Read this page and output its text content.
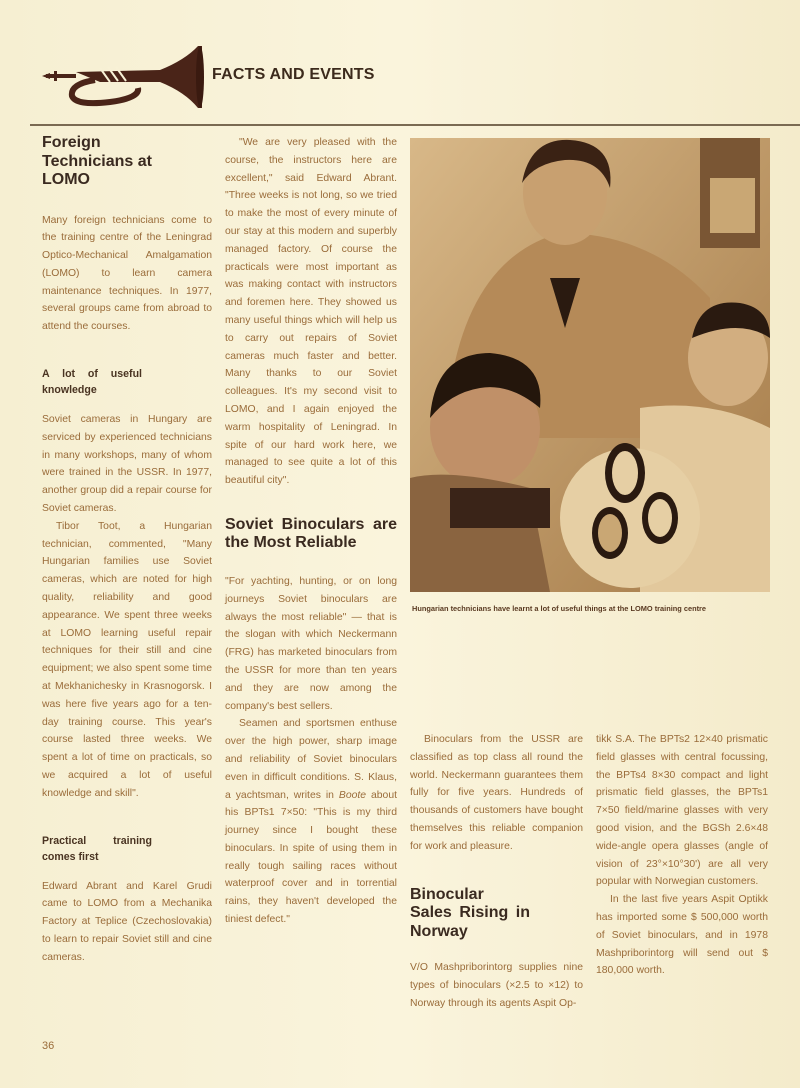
FACTS AND EVENTS
Foreign Technicians at LOMO

Many foreign technicians come to the training centre of the Leningrad Optico-Mechanical Amalgamation (LOMO) to learn camera maintenance techniques. In 1977, several groups came from abroad to attend the courses.

A lot of useful knowledge

Soviet cameras in Hungary are serviced by experienced technicians in many workshops, many of whom were trained in the USSR. In 1977, another group did a repair course for Soviet cameras.

Tibor Toot, a Hungarian technician, commented, "Many Hungarian families use Soviet cameras, which are noted for high quality, reliability and good appearance. We spent three weeks at LOMO learning useful repair techniques for their still and cine equipment; we also spent some time at Mekhanichesky in Krasnogorsk. I was here five years ago for a ten-day training course. This year's course lasted three weeks. We spent a lot of time on practicals, so we acquired a lot of useful knowledge and skill".

Practical training comes first

Edward Abrant and Karel Grudi came to LOMO from a Mechanika Factory at Teplice (Czechoslovakia) to learn to repair Soviet still and cine cameras.

"We are very pleased with the course, the instructors here are excellent," said Edward Abrant. "Three weeks is not long, so we tried to make the most of every minute of our stay at this modern and superbly managed factory. Of course the practicals were most important as was making contact with instructors and foremen here. They showed us many useful things which will help us to carry out repairs of Soviet cameras much faster and better. Many thanks to our Soviet colleagues. It's my second visit to LOMO, and I again enjoyed the warm hospitality of Leningrad. In spite of our hard work here, we managed to see quite a lot of this beautiful city".

Soviet Binoculars are the Most Reliable

"For yachting, hunting, or on long journeys Soviet binoculars are always the most reliable" — that is the slogan with which Neckermann (FRG) has marketed binoculars from the USSR for more than ten years and they are now among the company's best sellers.

Seamen and sportsmen enthuse over the high power, sharp image and reliability of Soviet binoculars even in difficult conditions. S. Klaus, a yachtsman, writes in Boote about his BPTs1 7×50: "This is my third journey since I bought these binoculars. In spite of using them in really tough sailing races without waterproof cover and in torrential rains, they haven't developed the tiniest defect."

Hungarian technicians have learnt a lot of useful things at the LOMO training centre

Binoculars from the USSR are classified as top class all round the world. Neckermann guarantees them fully for five years. Hundreds of thousands of customers have bought themselves this reliable companion for work and pleasure.

Binocular Sales Rising in Norway

V/O Mashpriborintorg supplies nine types of binoculars (×2.5 to ×12) to Norway through its agents Aspit Op-

tikk S.A. The BPTs2 12×40 prismatic field glasses with central focussing, the BPTs4 8×30 compact and light prismatic field glasses, the BPTs1 7×50 field/marine glasses with very good vision, and the BGSh 2.6×48 wide-angle opera glasses (angle of vision of 23°×10°30') are all very popular with Norwegian customers.

In the last five years Aspit Optikk has imported some $ 500,000 worth of Soviet binoculars, and in 1978 Mashpriborintorg will send out $ 180,000 worth.

36
